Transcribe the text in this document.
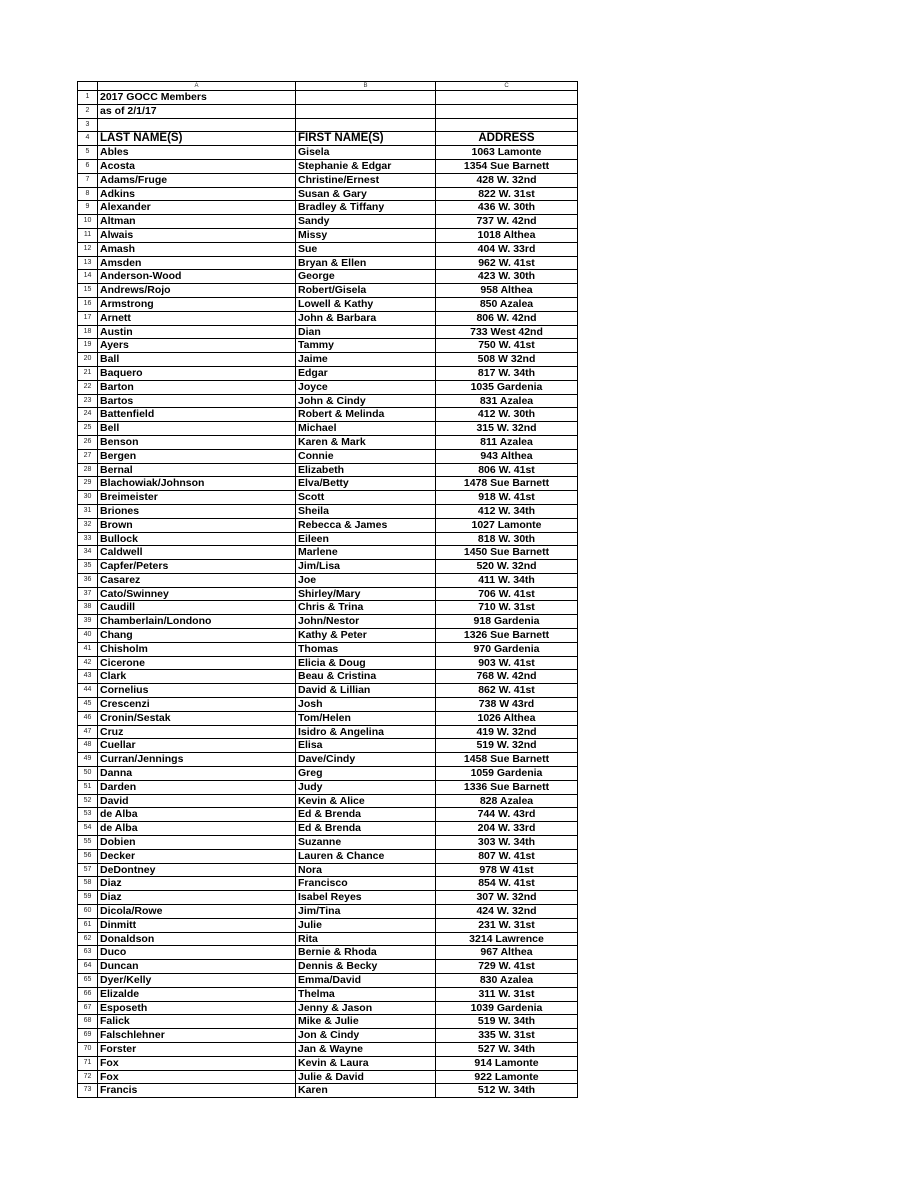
	A	B	C
1	2017 GOCC Members		
2	as of 2/1/17		
3			
4	LAST NAME(S)	FIRST NAME(S)	ADDRESS
5	Ables	Gisela	1063 Lamonte
6	Acosta	Stephanie & Edgar	1354 Sue Barnett
7	Adams/Fruge	Christine/Ernest	428 W. 32nd
8	Adkins	Susan & Gary	822 W. 31st
9	Alexander	Bradley & Tiffany	436 W. 30th
10	Altman	Sandy	737 W. 42nd
11	Alwais	Missy	1018 Althea
12	Amash	Sue	404 W. 33rd
13	Amsden	Bryan & Ellen	962 W. 41st
14	Anderson-Wood	George	423 W. 30th
15	Andrews/Rojo	Robert/Gisela	958 Althea
16	Armstrong	Lowell & Kathy	850 Azalea
17	Arnett	John & Barbara	806 W. 42nd
18	Austin	Dian	733 West 42nd
19	Ayers	Tammy	750 W. 41st
20	Ball	Jaime	508 W 32nd
21	Baquero	Edgar	817 W. 34th
22	Barton	Joyce	1035 Gardenia
23	Bartos	John & Cindy	831 Azalea
24	Battenfield	Robert & Melinda	412 W. 30th
25	Bell	Michael	315 W. 32nd
26	Benson	Karen & Mark	811 Azalea
27	Bergen	Connie	943 Althea
28	Bernal	Elizabeth	806 W. 41st
29	Blachowiak/Johnson	Elva/Betty	1478 Sue Barnett
30	Breimeister	Scott	918 W. 41st
31	Briones	Sheila	412 W. 34th
32	Brown	Rebecca & James	1027 Lamonte
33	Bullock	Eileen	818 W. 30th
34	Caldwell	Marlene	1450 Sue Barnett
35	Capfer/Peters	Jim/Lisa	520 W. 32nd
36	Casarez	Joe	411 W. 34th
37	Cato/Swinney	Shirley/Mary	706 W. 41st
38	Caudill	Chris & Trina	710 W. 31st
39	Chamberlain/Londono	John/Nestor	918 Gardenia
40	Chang	Kathy & Peter	1326 Sue Barnett
41	Chisholm	Thomas	970 Gardenia
42	Cicerone	Elicia & Doug	903 W. 41st
43	Clark	Beau & Cristina	768 W. 42nd
44	Cornelius	David & Lillian	862 W. 41st
45	Crescenzi	Josh	738 W 43rd
46	Cronin/Sestak	Tom/Helen	1026 Althea
47	Cruz	Isidro & Angelina	419 W. 32nd
48	Cuellar	Elisa	519 W. 32nd
49	Curran/Jennings	Dave/Cindy	1458 Sue Barnett
50	Danna	Greg	1059 Gardenia
51	Darden	Judy	1336 Sue Barnett
52	David	Kevin & Alice	828 Azalea
53	de Alba	Ed & Brenda	744 W. 43rd
54	de Alba	Ed & Brenda	204 W. 33rd
55	Dobien	Suzanne	303 W. 34th
56	Decker	Lauren & Chance	807 W. 41st
57	DeDontney	Nora	978 W 41st
58	Diaz	Francisco	854 W. 41st
59	Diaz	Isabel Reyes	307 W. 32nd
60	Dicola/Rowe	Jim/Tina	424 W. 32nd
61	Dinmitt	Julie	231 W. 31st
62	Donaldson	Rita	3214 Lawrence
63	Duco	Bernie & Rhoda	967 Althea
64	Duncan	Dennis & Becky	729 W. 41st
65	Dyer/Kelly	Emma/David	830 Azalea
66	Elizalde	Thelma	311 W. 31st
67	Esposeth	Jenny & Jason	1039 Gardenia
68	Falick	Mike & Julie	519 W. 34th
69	Falschlehner	Jon & Cindy	335 W. 31st
70	Forster	Jan & Wayne	527 W. 34th
71	Fox	Kevin & Laura	914 Lamonte
72	Fox	Julie & David	922 Lamonte
73	Francis	Karen	512 W. 34th
